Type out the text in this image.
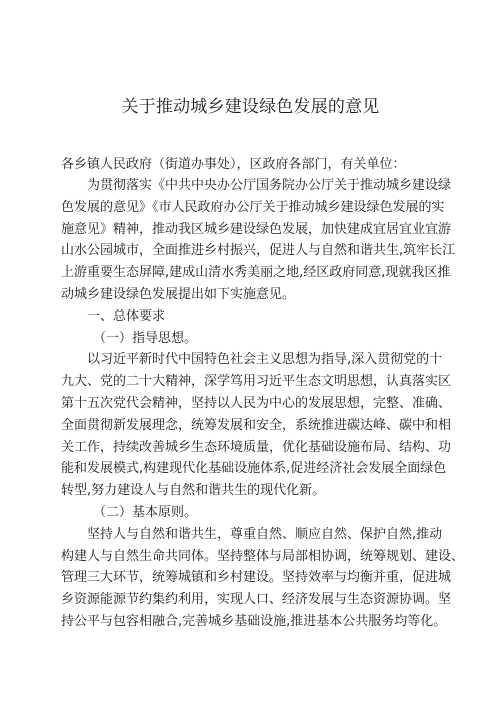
关于推动城乡建设绿色发展的意见

各乡镇人民政府（街道办事处），区政府各部门，有关单位：

为贯彻落实《中共中央办公厅国务院办公厅关于推动城乡建设绿
色发展的意见》《市人民政府办公厅关于推动城乡建设绿色发展的实
施意见》精神，推动我区城乡建设绿色发展，加快建成宜居宜业宜游
山水公园城市，全面推进乡村振兴，促进人与自然和谐共生,筑牢长江
上游重要生态屏障,建成山清水秀美丽之地,经区政府同意,现就我区推
动城乡建设绿色发展提出如下实施意见。

一、总体要求

（一）指导思想。

以习近平新时代中国特色社会主义思想为指导,深入贯彻党的十
九大、党的二十大精神，深学笃用习近平生态文明思想，认真落实区
第十五次党代会精神，坚持以人民为中心的发展思想，完整、准确、
全面贯彻新发展理念，统筹发展和安全，系统推进碳达峰、碳中和相
关工作，持续改善城乡生态环境质量，优化基础设施布局、结构、功
能和发展模式,构建现代化基础设施体系,促进经济社会发展全面绿色
转型,努力建设人与自然和谐共生的现代化新。

（二）基本原则。

坚持人与自然和谐共生，尊重自然、顺应自然、保护自然,推动
构建人与自然生命共同体。坚持整体与局部相协调，统筹规划、建设、
管理三大环节，统筹城镇和乡村建设。坚持效率与均衡并重，促进城
乡资源能源节约集约利用，实现人口、经济发展与生态资源协调。坚
持公平与包容相融合,完善城乡基础设施,推进基本公共服务均等化。
